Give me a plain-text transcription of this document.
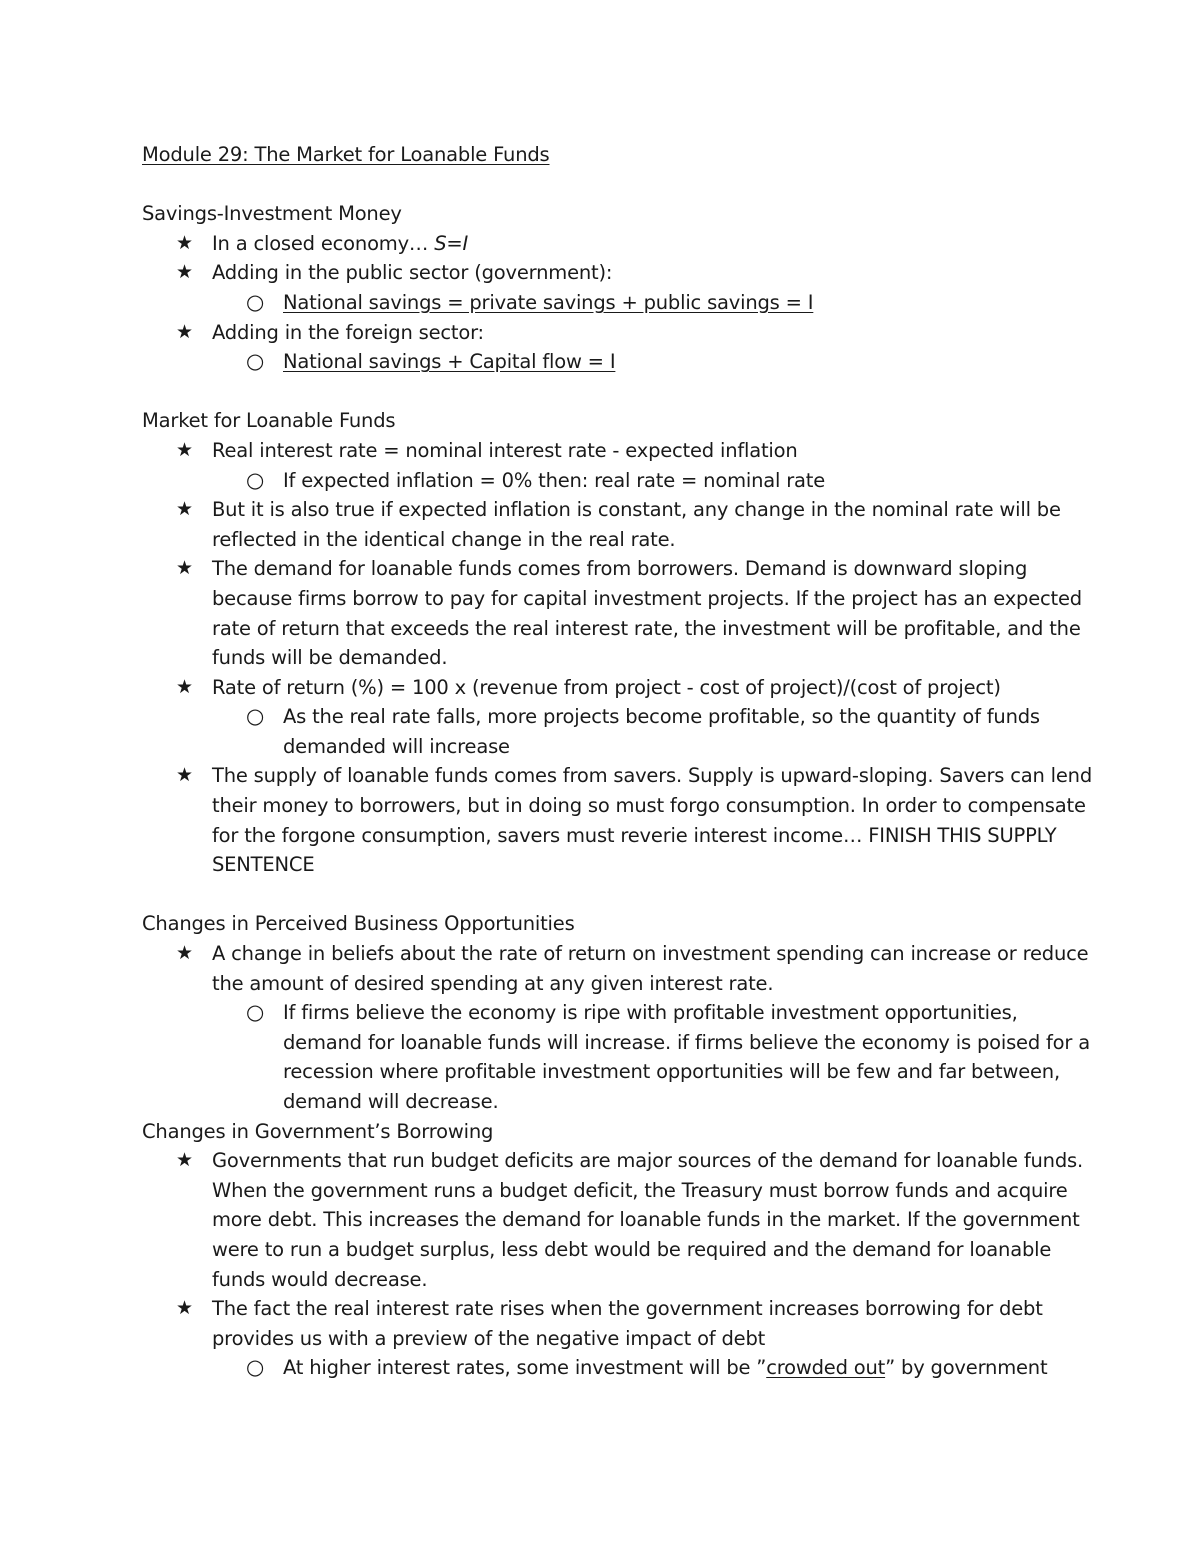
Module 29: The Market for Loanable Funds

Savings-Investment Money

★ In a closed economy… S=I

★ Adding in the public sector (government):

○ National savings = private savings + public savings = I

★ Adding in the foreign sector:

○ National savings + Capital flow = I

Market for Loanable Funds

★ Real interest rate = nominal interest rate - expected inflation

○ If expected inflation = 0% then: real rate = nominal rate

★ But it is also true if expected inflation is constant, any change in the nominal rate will be

reflected in the identical change in the real rate.

★ The demand for loanable funds comes from borrowers. Demand is downward sloping

because firms borrow to pay for capital investment projects. If the project has an expected

rate of return that exceeds the real interest rate, the investment will be profitable, and the

funds will be demanded.

★ Rate of return (%) = 100 x (revenue from project - cost of project)/(cost of project)

○ As the real rate falls, more projects become profitable, so the quantity of funds

demanded will increase

★ The supply of loanable funds comes from savers. Supply is upward-sloping. Savers can lend

their money to borrowers, but in doing so must forgo consumption. In order to compensate

for the forgone consumption, savers must reverie interest income… FINISH THIS SUPPLY

SENTENCE

Changes in Perceived Business Opportunities

★ A change in beliefs about the rate of return on investment spending can increase or reduce

the amount of desired spending at any given interest rate.

○ If firms believe the economy is ripe with profitable investment opportunities,

demand for loanable funds will increase. if firms believe the economy is poised for a

recession where profitable investment opportunities will be few and far between,

demand will decrease.

Changes in Government’s Borrowing

★ Governments that run budget deficits are major sources of the demand for loanable funds.

When the government runs a budget deficit, the Treasury must borrow funds and acquire

more debt. This increases the demand for loanable funds in the market. If the government

were to run a budget surplus, less debt would be required and the demand for loanable

funds would decrease.

★ The fact the real interest rate rises when the government increases borrowing for debt

provides us with a preview of the negative impact of debt

○ At higher interest rates, some investment will be ”crowded out” by government
